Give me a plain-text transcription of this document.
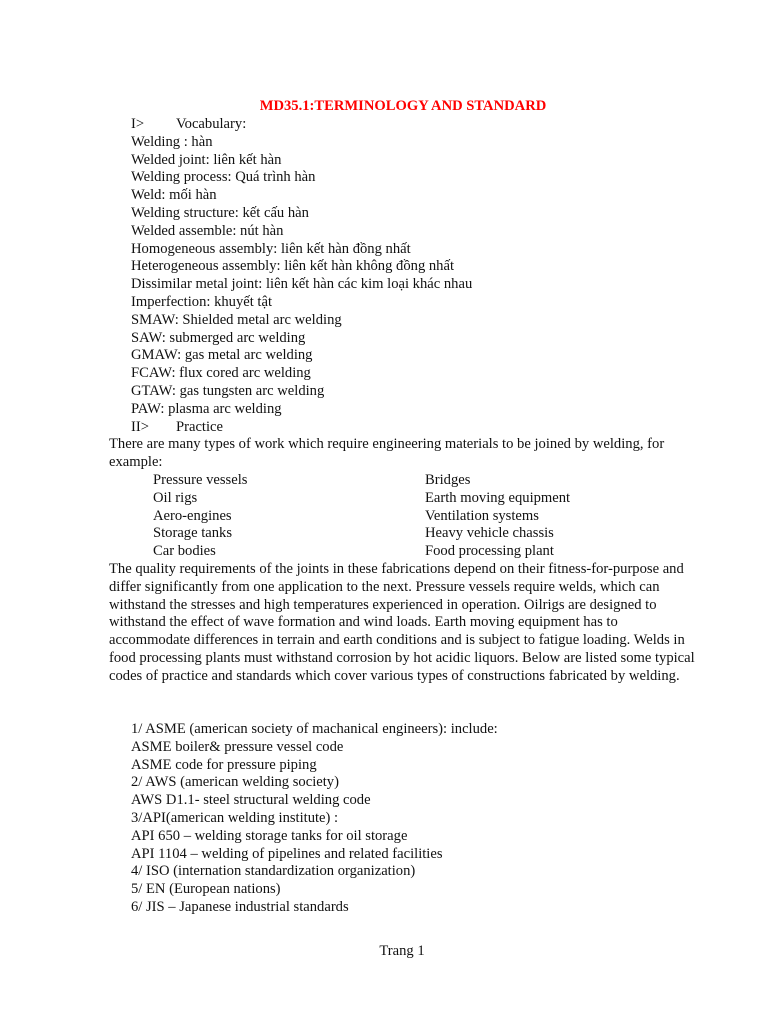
MD35.1:TERMINOLOGY AND STANDARD
I> Vocabulary:
Welding : hàn
Welded joint: liên kết hàn
Welding process: Quá trình hàn
Weld: mối hàn
Welding structure: kết cấu hàn
Welded assemble: nút hàn
Homogeneous assembly: liên kết hàn đồng nhất
Heterogeneous assembly: liên kết hàn không đồng nhất
Dissimilar metal joint: liên kết hàn các kim loại khác nhau
Imperfection: khuyết tật
SMAW: Shielded metal arc welding
SAW: submerged arc welding
GMAW: gas metal arc welding
FCAW: flux cored arc welding
GTAW: gas tungsten arc welding
PAW: plasma arc welding
II> Practice
There are many types of work which require engineering materials to be joined by welding, for example:
Pressure vessels	Bridges
Oil rigs	Earth moving equipment
Aero-engines	Ventilation systems
Storage tanks	Heavy vehicle chassis
Car bodies	Food processing plant
The quality requirements of the joints in these fabrications depend on their fitness-for-purpose and differ significantly from one application to the next. Pressure vessels require welds, which can withstand the stresses and high temperatures experienced in operation. Oilrigs are designed to withstand the effect of wave formation and wind loads. Earth moving equipment has to accommodate differences in terrain and earth conditions and is subject to fatigue loading. Welds in food processing plants must withstand corrosion by hot acidic liquors. Below are listed some typical codes of practice and standards which cover various types of constructions fabricated by welding.
1/ ASME (american society of machanical engineers): include:
ASME boiler& pressure vessel code
ASME code for pressure piping
2/ AWS (american welding society)
AWS D1.1- steel structural welding code
3/API(american welding institute) :
API 650 – welding storage tanks for oil storage
API 1104 – welding of pipelines and related facilities
4/ ISO (internation standardization organization)
5/ EN (European nations)
6/ JIS – Japanese industrial standards
Trang 1
